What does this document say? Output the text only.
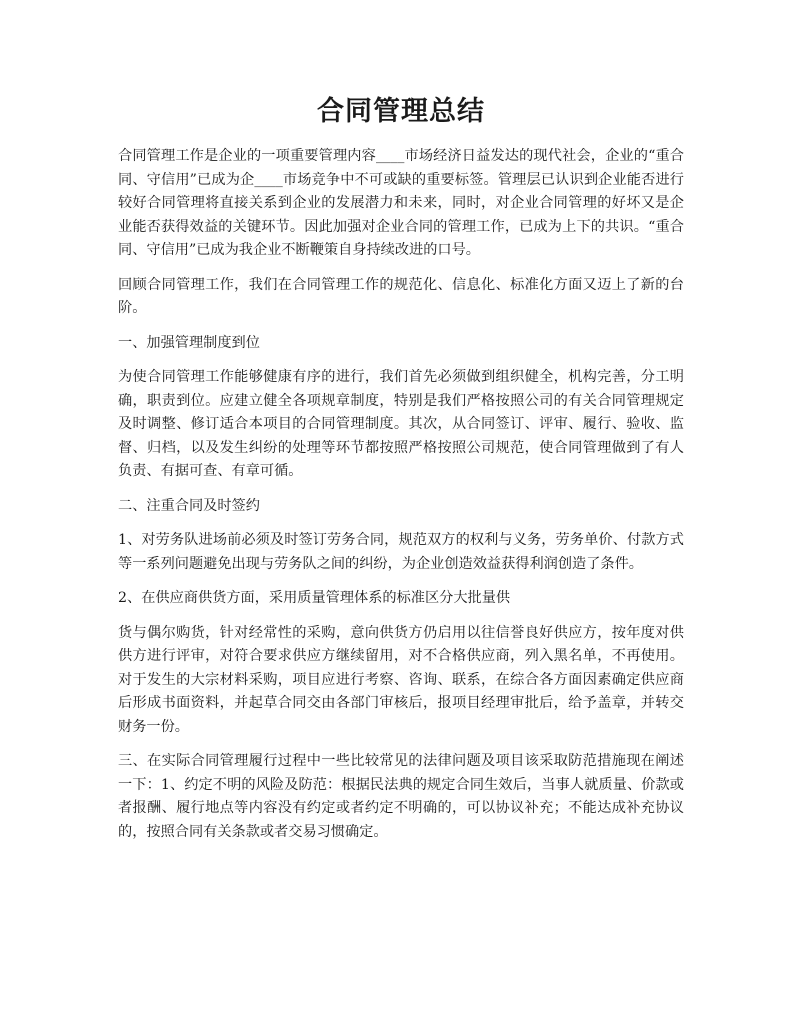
合同管理总结

合同管理工作是企业的一项重要管理内容____市场经济日益发达的现代社会，企业的“重合同、守信用”已成为企____市场竞争中不可或缺的重要标签。管理层已认识到企业能否进行较好合同管理将直接关系到企业的发展潜力和未来，同时，对企业合同管理的好坏又是企业能否获得效益的关键环节。因此加强对企业合同的管理工作，已成为上下的共识。“重合同、守信用”已成为我企业不断鞭策自身持续改进的口号。

回顾合同管理工作，我们在合同管理工作的规范化、信息化、标准化方面又迈上了新的台阶。

一、加强管理制度到位

为使合同管理工作能够健康有序的进行，我们首先必须做到组织健全，机构完善，分工明确，职责到位。应建立健全各项规章制度，特别是我们严格按照公司的有关合同管理规定及时调整、修订适合本项目的合同管理制度。其次，从合同签订、评审、履行、验收、监督、归档，以及发生纠纷的处理等环节都按照严格按照公司规范，使合同管理做到了有人负责、有据可查、有章可循。

二、注重合同及时签约

1、对劳务队进场前必须及时签订劳务合同，规范双方的权利与义务，劳务单价、付款方式等一系列问题避免出现与劳务队之间的纠纷，为企业创造效益获得利润创造了条件。

2、在供应商供货方面，采用质量管理体系的标准区分大批量供

货与偶尔购货，针对经常性的采购，意向供货方仍启用以往信誉良好供应方，按年度对供供方进行评审，对符合要求供应方继续留用，对不合格供应商，列入黑名单，不再使用。对于发生的大宗材料采购，项目应进行考察、咨询、联系，在综合各方面因素确定供应商后形成书面资料，并起草合同交由各部门审核后，报项目经理审批后，给予盖章，并转交财务一份。

三、在实际合同管理履行过程中一些比较常见的法律问题及项目该采取防范措施现在阐述一下：1、约定不明的风险及防范：根据民法典的规定合同生效后，当事人就质量、价款或者报酬、履行地点等内容没有约定或者约定不明确的，可以协议补充；不能达成补充协议的，按照合同有关条款或者交易习惯确定。
